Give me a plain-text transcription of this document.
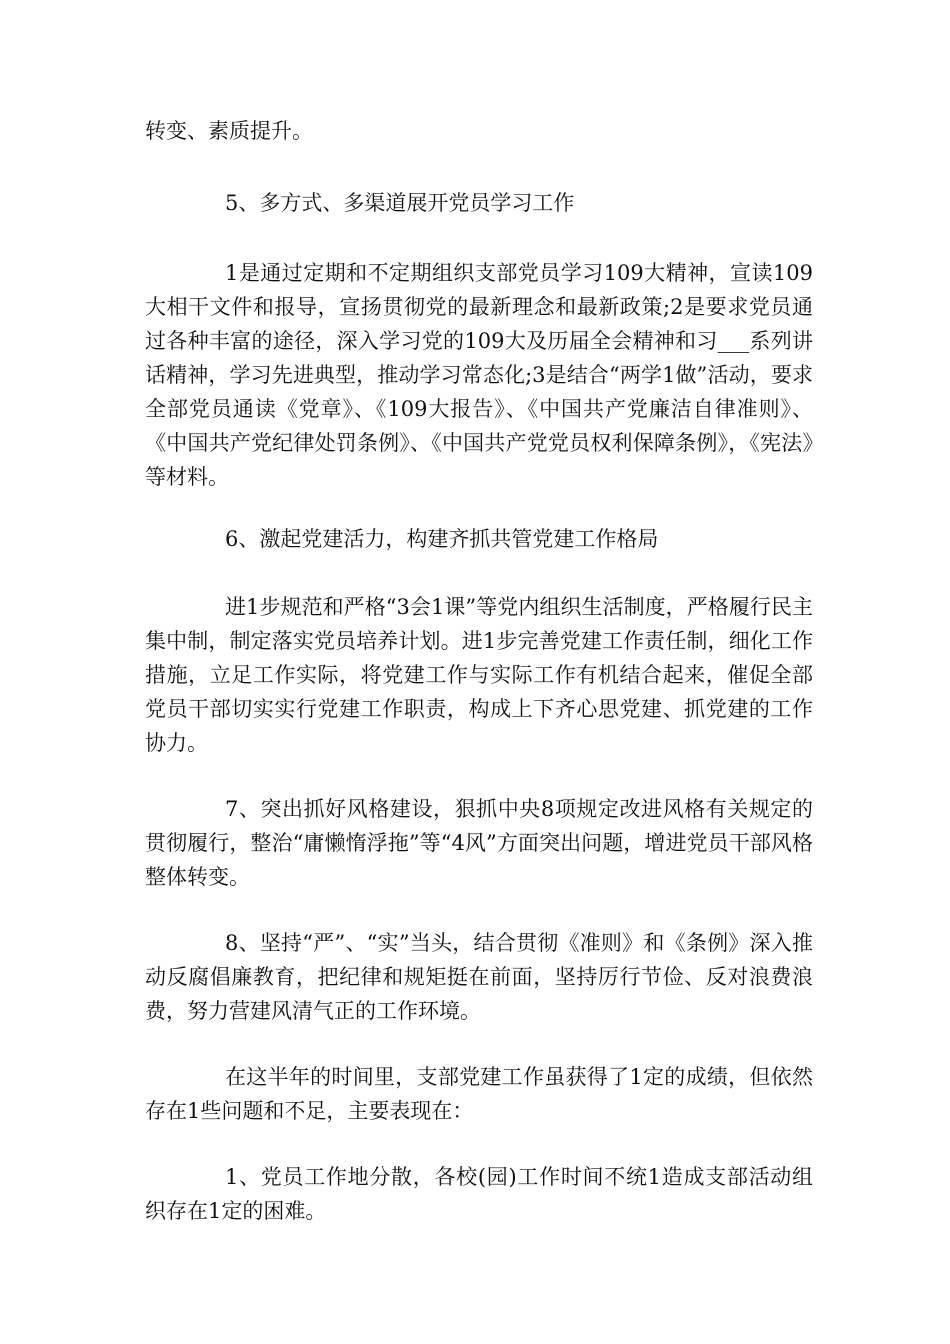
转变、素质提升。

5、多方式、多渠道展开党员学习工作

1是通过定期和不定期组织支部党员学习109大精神，宣读109大相干文件和报导，宣扬贯彻党的最新理念和最新政策;2是要求党员通过各种丰富的途径，深入学习党的109大及历届全会精神和习___系列讲话精神，学习先进典型，推动学习常态化;3是结合“两学1做”活动，要求全部党员通读《党章》、《109大报告》、《中国共产党廉洁自律准则》、《中国共产党纪律处罚条例》、《中国共产党党员权利保障条例》，《宪法》等材料。

6、激起党建活力，构建齐抓共管党建工作格局

进1步规范和严格“3会1课”等党内组织生活制度，严格履行民主集中制，制定落实党员培养计划。进1步完善党建工作责任制，细化工作措施，立足工作实际，将党建工作与实际工作有机结合起来，催促全部党员干部切实实行党建工作职责，构成上下齐心思党建、抓党建的工作协力。

7、突出抓好风格建设，狠抓中央8项规定改进风格有关规定的贯彻履行，整治“庸懒惰浮拖”等“4风”方面突出问题，增进党员干部风格整体转变。

8、坚持“严”、“实”当头，结合贯彻《准则》和《条例》深入推动反腐倡廉教育，把纪律和规矩挺在前面，坚持厉行节俭、反对浪费浪费，努力营建风清气正的工作环境。

在这半年的时间里，支部党建工作虽获得了1定的成绩，但依然存在1些问题和不足，主要表现在：

1、党员工作地分散，各校(园)工作时间不统1造成支部活动组织存在1定的困难。
